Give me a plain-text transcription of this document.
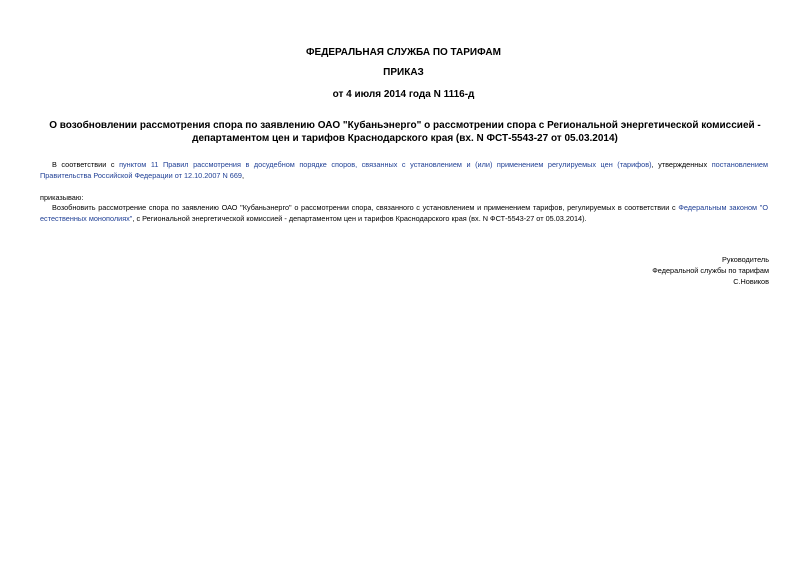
ФЕДЕРАЛЬНАЯ СЛУЖБА ПО ТАРИФАМ
ПРИКАЗ
от 4 июля 2014 года N 1116-д
О возобновлении рассмотрения спора по заявлению ОАО "Кубаньэнерго" о рассмотрении спора с Региональной энергетической комиссией - департаментом цен и тарифов Краснодарского края (вх. N ФСТ-5543-27 от 05.03.2014)
В соответствии с пунктом 11 Правил рассмотрения в досудебном порядке споров, связанных с установлением и (или) применением регулируемых цен (тарифов), утвержденных постановлением Правительства Российской Федерации от 12.10.2007 N 669,
приказываю:
Возобновить рассмотрение спора по заявлению ОАО "Кубаньэнерго" о рассмотрении спора, связанного с установлением и применением тарифов, регулируемых в соответствии с Федеральным законом "О естественных монополиях", с Региональной энергетической комиссией - департаментом цен и тарифов Краснодарского края (вх. N ФСТ-5543-27 от 05.03.2014).
Руководитель
Федеральной службы по тарифам
С.Новиков
